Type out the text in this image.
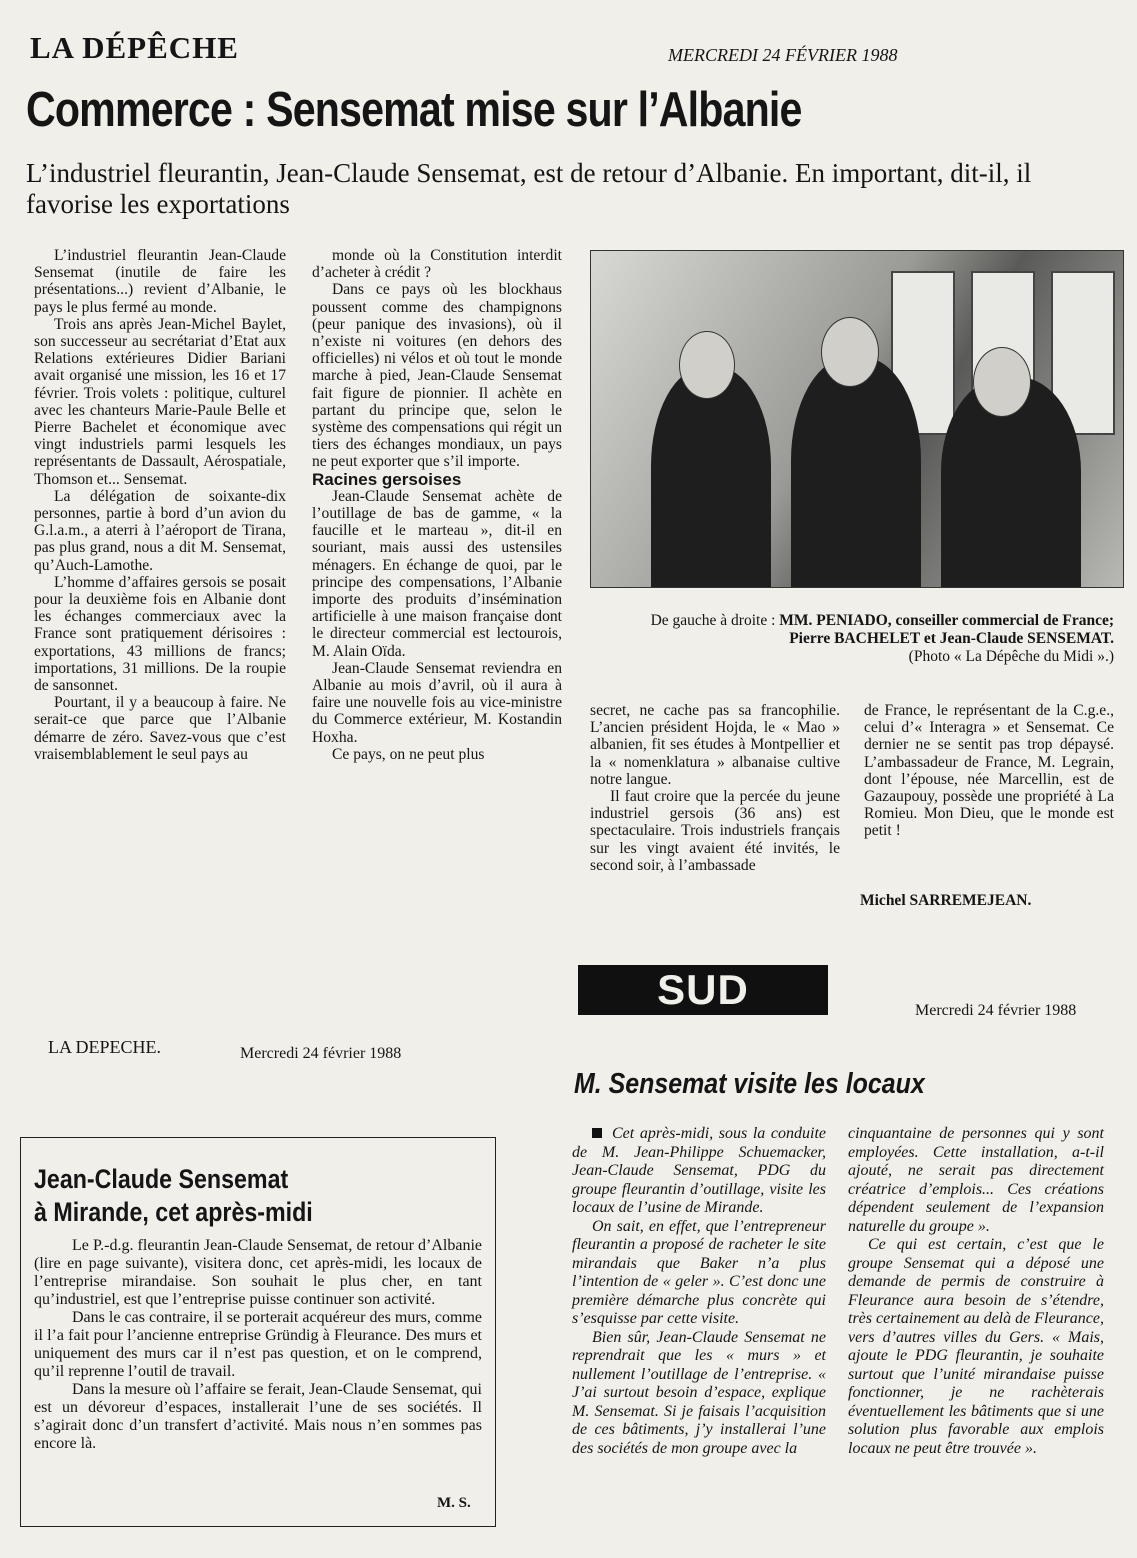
LA DÉPÊCHE	MERCREDI 24 FÉVRIER 1988
Commerce : Sensemat mise sur l’Albanie
L’industriel fleurantin, Jean-Claude Sensemat, est de retour d’Albanie. En important, dit-il, il favorise les exportations

L’industriel fleurantin Jean-Claude Sensemat (inutile de faire les présentations...) revient d’Albanie, le pays le plus fermé au monde.

Trois ans après Jean-Michel Baylet, son successeur au secrétariat d’Etat aux Relations extérieures Didier Bariani avait organisé une mission, les 16 et 17 février. Trois volets : politique, culturel avec les chanteurs Marie-Paule Belle et Pierre Bachelet et économique avec vingt industriels parmi lesquels les représentants de Dassault, Aérospatiale, Thomson et... Sensemat.

La délégation de soixante-dix personnes, partie à bord d’un avion du G.l.a.m., a aterri à l’aéroport de Tirana, pas plus grand, nous a dit M. Sensemat, qu’Auch-Lamothe.

L’homme d’affaires gersois se posait pour la deuxième fois en Albanie dont les échanges commerciaux avec la France sont pratiquement dérisoires : exportations, 43 millions de francs; importations, 31 millions. De la roupie de sansonnet.

Pourtant, il y a beaucoup à faire. Ne serait-ce que parce que l’Albanie démarre de zéro. Savez-vous que c’est vraisemblablement le seul pays au

monde où la Constitution interdit d’acheter à crédit ?

Dans ce pays où les blockhaus poussent comme des champignons (peur panique des invasions), où il n’existe ni voitures (en dehors des officielles) ni vélos et où tout le monde marche à pied, Jean-Claude Sensemat fait figure de pionnier. Il achète en partant du principe que, selon le système des compensations qui régit un tiers des échanges mondiaux, un pays ne peut exporter que s’il importe.

Racines gersoises

Jean-Claude Sensemat achète de l’outillage de bas de gamme, « la faucille et le marteau », dit-il en souriant, mais aussi des ustensiles ménagers. En échange de quoi, par le principe des compensations, l’Albanie importe des produits d’insémination artificielle à une maison française dont le directeur commercial est lectourois, M. Alain Oïda.

Jean-Claude Sensemat reviendra en Albanie au mois d’avril, où il aura à faire une nouvelle fois au vice-ministre du Commerce extérieur, M. Kostandin Hoxha.

Ce pays, on ne peut plus

De gauche à droite : MM. PENIADO, conseiller commercial de France; Pierre BACHELET et Jean-Claude SENSEMAT.
(Photo « La Dépêche du Midi ».)

secret, ne cache pas sa francophilie. L’ancien président Hojda, le « Mao » albanien, fit ses études à Montpellier et la « nomenklatura » albanaise cultive notre langue.

Il faut croire que la percée du jeune industriel gersois (36 ans) est spectaculaire. Trois industriels français sur les vingt avaient été invités, le second soir, à l’ambassade

de France, le représentant de la C.g.e., celui d’« Interagra » et Sensemat. Ce dernier ne se sentit pas trop dépaysé. L’ambassadeur de France, M. Legrain, dont l’épouse, née Marcellin, est de Gazaupouy, possède une propriété à La Romieu. Mon Dieu, que le monde est petit !

Michel SARREMEJEAN.
SUD OUEST
Mercredi 24 février 1988
M. Sensemat visite les locaux

Cet après-midi, sous la conduite de M. Jean-Philippe Schuemacker, Jean-Claude Sensemat, PDG du groupe fleurantin d’outillage, visite les locaux de l’usine de Mirande.

On sait, en effet, que l’entrepreneur fleurantin a proposé de racheter le site mirandais que Baker n’a plus l’intention de « geler ». C’est donc une première démarche plus concrète qui s’esquisse par cette visite.

Bien sûr, Jean-Claude Sensemat ne reprendrait que les « murs » et nullement l’outillage de l’entreprise. « J’ai surtout besoin d’espace, explique M. Sensemat. Si je faisais l’acquisition de ces bâtiments, j’y installerai l’une des sociétés de mon groupe avec la

cinquantaine de personnes qui y sont employées. Cette installation, a-t-il ajouté, ne serait pas directement créatrice d’emplois... Ces créations dépendent seulement de l’expansion naturelle du groupe ».

Ce qui est certain, c’est que le groupe Sensemat qui a déposé une demande de permis de construire à Fleurance aura besoin de s’étendre, très certainement au delà de Fleurance, vers d’autres villes du Gers. « Mais, ajoute le PDG fleurantin, je souhaite surtout que l’unité mirandaise puisse fonctionner, je ne rachèterais éventuellement les bâtiments que si une solution plus favorable aux emplois locaux ne peut être trouvée ».

LA DEPECHE.	Mercredi 24 février 1988
Jean-Claude Sensemat
à Mirande, cet après-midi

Le P.-d.g. fleurantin Jean-Claude Sensemat, de retour d’Albanie (lire en page suivante), visitera donc, cet après-midi, les locaux de l’entreprise mirandaise. Son souhait le plus cher, en tant qu’industriel, est que l’entreprise puisse continuer son activité.

Dans le cas contraire, il se porterait acquéreur des murs, comme il l’a fait pour l’ancienne entreprise Gründig à Fleurance. Des murs et uniquement des murs car il n’est pas question, et on le comprend, qu’il reprenne l’outil de travail.

Dans la mesure où l’affaire se ferait, Jean-Claude Sensemat, qui est un dévoreur d’espaces, installerait l’une de ses sociétés. Il s’agirait donc d’un transfert d’activité. Mais nous n’en sommes pas encore là.

M. S.
